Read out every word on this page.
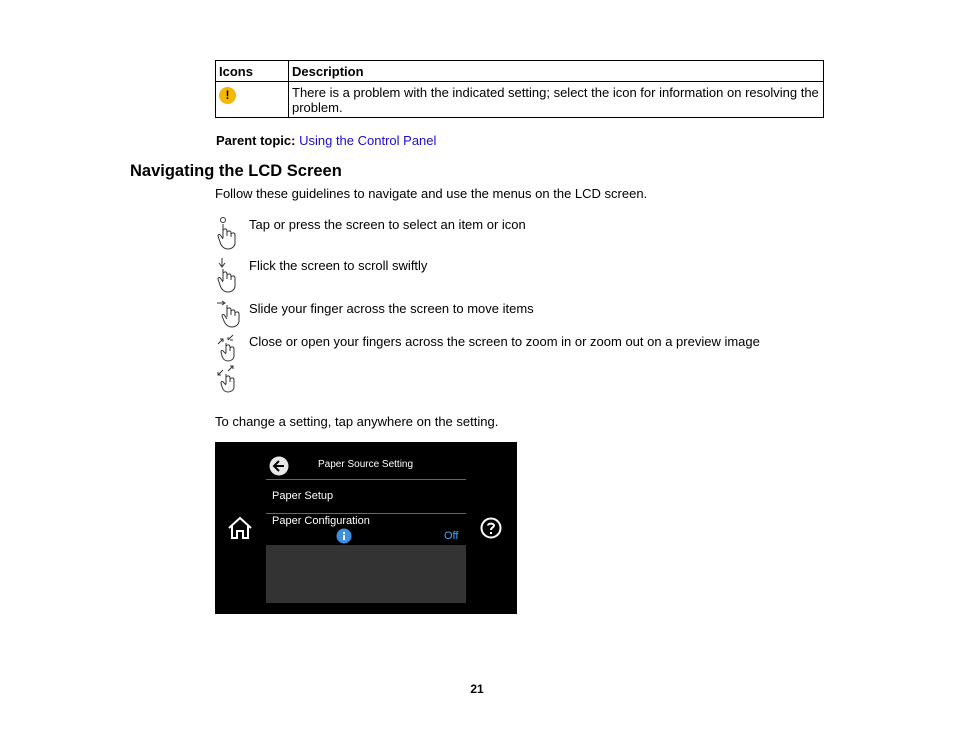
Icons	Description
!	There is a problem with the indicated setting; select the icon for information on resolving the problem.
Parent topic: Using the Control Panel
Navigating the LCD Screen
Follow these guidelines to navigate and use the menus on the LCD screen.
Tap or press the screen to select an item or icon
Flick the screen to scroll swiftly
Slide your finger across the screen to move items
Close or open your fingers across the screen to zoom in or zoom out on a preview image
To change a setting, tap anywhere on the setting.
Paper Source Setting
Paper Setup
Paper Configuration
Off
21
